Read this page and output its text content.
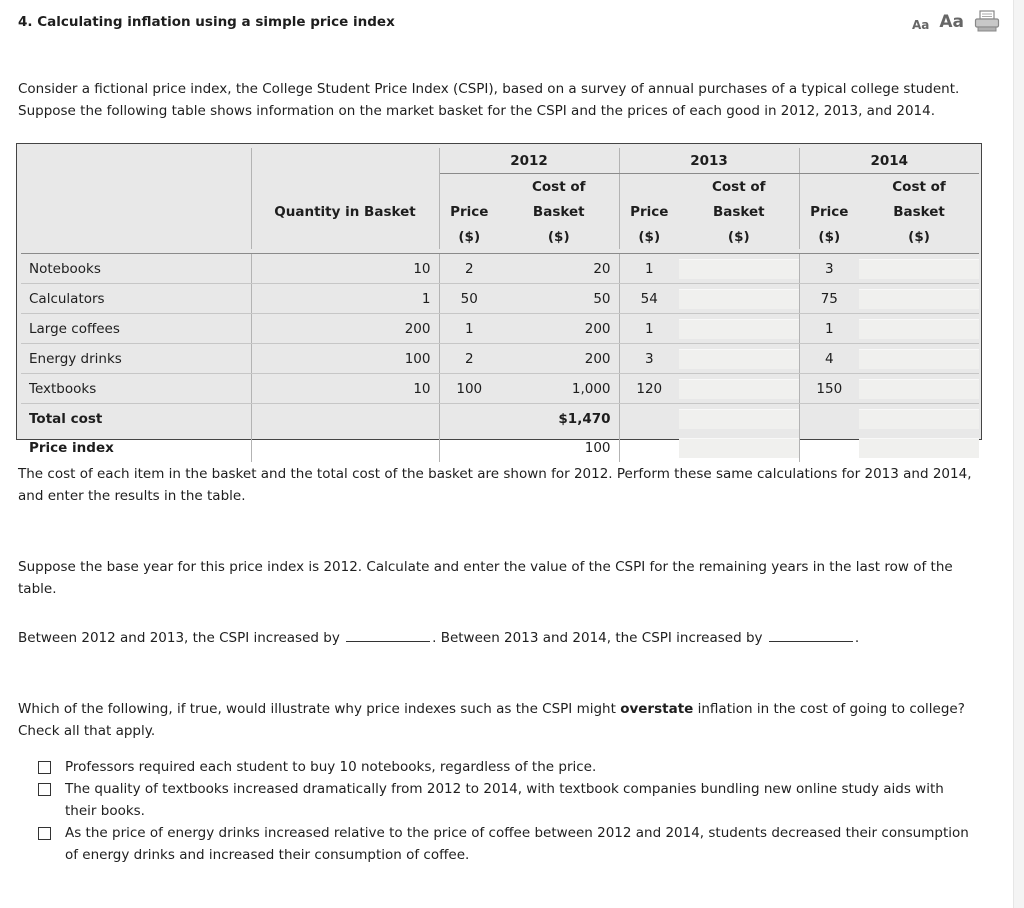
4. Calculating inflation using a simple price index	Aa Aa
Consider a fictional price index, the College Student Price Index (CSPI), based on a survey of annual purchases of a typical college student. Suppose the following table shows information on the market basket for the CSPI and the prices of each good in 2012, 2013, and 2014.
		2012		2013		2014	
			Cost of		Cost of		Cost of
	Quantity in Basket	Price	Basket	Price	Basket	Price	Basket
		($)	($)	($)	($)	($)	($)

Notebooks	10	2	20	1		3	

Calculators	1	50	50	54		75	

Large coffees	200	1	200	1		1	

Energy drinks	100	2	200	3		4	

Textbooks	10	100	1,000	120		150	

Total cost			$1,470		

Price index			100		

The cost of each item in the basket and the total cost of the basket are shown for 2012. Perform these same calculations for 2013 and 2014, and enter the results in the table.
Suppose the base year for this price index is 2012. Calculate and enter the value of the CSPI for the remaining years in the last row of the table.
Between 2012 and 2013, the CSPI increased by	. Between 2013 and 2014, the CSPI increased by	.
Which of the following, if true, would illustrate why price indexes such as the CSPI might overstate inflation in the cost of going to college? Check all that apply.
Professors required each student to buy 10 notebooks, regardless of the price.
The quality of textbooks increased dramatically from 2012 to 2014, with textbook companies bundling new online study aids with their books.
As the price of energy drinks increased relative to the price of coffee between 2012 and 2014, students decreased their consumption of energy drinks and increased their consumption of coffee.
